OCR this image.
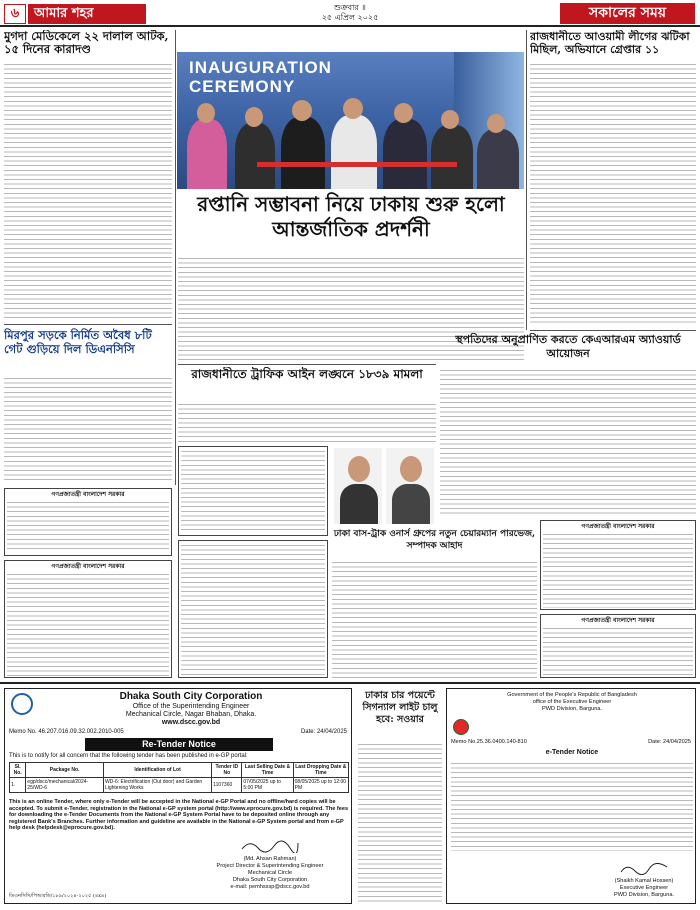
৬	আমার শহর	শুক্রবার ॥
২৫ এপ্রিল ২০২৫	সকালের সময়
মুগদা মেডিকেলে ২২ দালাল আটক, ১৫ দিনের কারাদণ্ড
রাজধানীতে আওয়ামী লীগের ঝটিকা মিছিল, অভিযানে গ্রেপ্তার ১১
INAUGURATION
CEREMONY
রপ্তানি সম্ভাবনা নিয়ে ঢাকায় শুরু হলো আন্তর্জাতিক প্রদর্শনী
মিরপুর সড়কে নির্মিত অবৈধ ৮টি গেট গুড়িয়ে দিল ডিএনসিসি
স্থপতিদের অনুপ্রাণিত করতে কেএআরএম অ্যাওয়ার্ড আয়োজন
রাজধানীতে ট্রাফিক আইন লঙ্ঘনে ১৮৩৯ মামলা
ঢাকা বাস-ট্রাক ওনার্স গ্রুপের নতুন চেয়ারম্যান পারভেজ, সম্পাদক আহাদ
গণপ্রজাতন্ত্রী বাংলাদেশ সরকার
গণপ্রজাতন্ত্রী বাংলাদেশ সরকার
গণপ্রজাতন্ত্রী বাংলাদেশ সরকার
গণপ্রজাতন্ত্রী বাংলাদেশ সরকার
Dhaka South City Corporation
Office of the Superintending Engineer
Mechanical Circle, Nagar Bhaban, Dhaka.
www.dscc.gov.bd
Memo No. 46.207.016.09.32.002.2010-005	Date: 24/04/2025
Re-Tender Notice
This is to notify for all concern that the following tender has been published in e-GP portal:
Sl. No.	Package No.	Identification of Lot	Tender ID No	Last Selling Date & Time	Last Dropping Date & Time
1.	egp/dscc/mechanical/2024-25/WD-6	WD-6: Electrification (Out door) and Garden Lightening Works	1107360	07/05/2025 up to 5:00 PM	08/05/2025 up to 12:00 PM
This is an online Tender, where only e-Tender will be accepted in the National e-GP Portal and no offline/hard copies will be accepted. To submit e-Tender, registration in the National e-GP system portal (http://www.eprocure.gov.bd) is required. The fees for downloading the e-Tender Documents from the National e-GP System Portal have to be deposited online through any registered Bank's Branches. Further information and guideline are available in the National e-GP System portal and from e-GP help desk (helpdesk@eprocure.gov.bd).
(Md. Ahsan Rahman)
Project Director & Superintending Engineer
Mechanical Circle
Dhaka South City Corporation
e-mail: pemhsssp@dscc.gov.bd
ডিএনসিসি/পিআরডি/১৮৯/২০২৪-২০২৫ (৪x৪)
ঢাকার চার পয়েন্টে সিগন্যাল লাইট চালু হবে: সওয়ার
Government of the People's Republic of Bangladesh
office of the Executive Engineer
PWD Division, Barguna.
Memo No.25.36.0400.140-810	Date: 24/04/2025
e-Tender Notice
(Shaikh Kamal Hossen)
Executive Engineer
PWD Division, Barguna.
